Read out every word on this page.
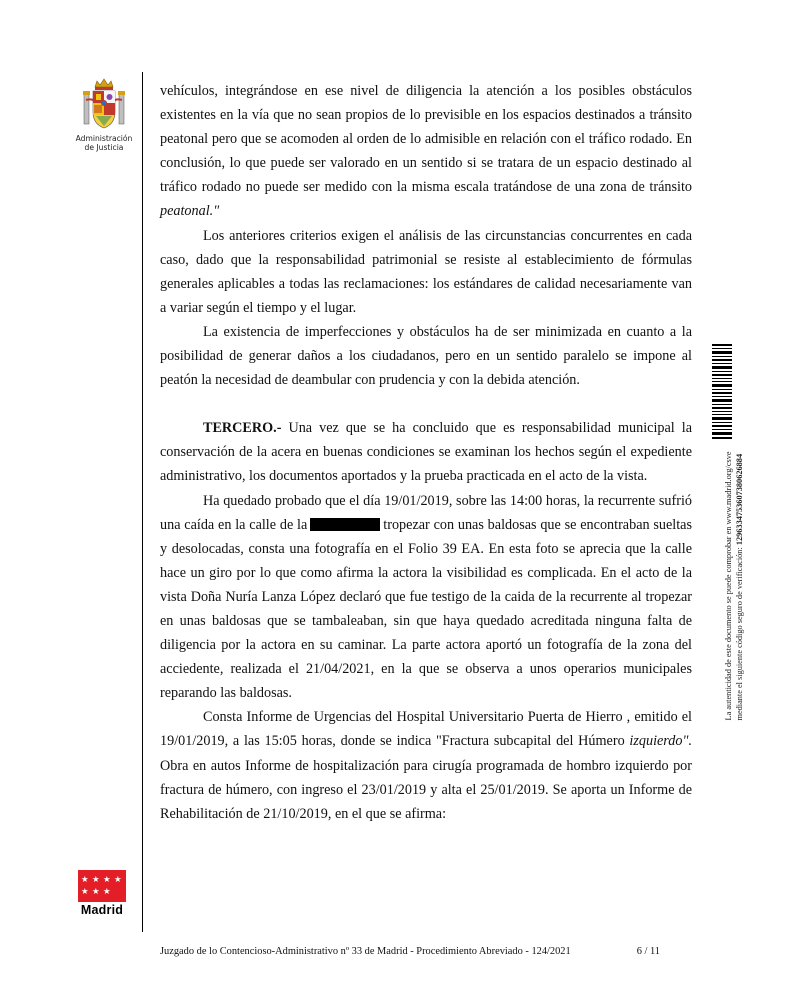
Administración
de Justicia
★ ★ ★ ★
★ ★ ★
Madrid

vehículos, integrándose en ese nivel de diligencia la atención a los posibles obstáculos existentes en la vía que no sean propios de lo previsible en los espacios destinados a tránsito peatonal pero que se acomoden al orden de lo admisible en relación con el tráfico rodado. En conclusión, lo que puede ser valorado en un sentido si se tratara de un espacio destinado al tráfico rodado no puede ser medido con la misma escala tratándose de una zona de tránsito peatonal."

Los anteriores criterios exigen el análisis de las circunstancias concurrentes en cada caso, dado que la responsabilidad patrimonial se resiste al establecimiento de fórmulas generales aplicables a todas las reclamaciones: los estándares de calidad necesariamente van a variar según el tiempo y el lugar.

La existencia de imperfecciones y obstáculos ha de ser minimizada en cuanto a la posibilidad de generar daños a los ciudadanos, pero en un sentido paralelo se impone al peatón la necesidad de deambular con prudencia y con la debida atención.

TERCERO.- Una vez que se ha concluido que es responsabilidad municipal la conservación de la acera en buenas condiciones se examinan los hechos según el expediente administrativo, los documentos aportados y la prueba practicada en el acto de la vista.

Ha quedado probado que el día 19/01/2019, sobre las 14:00 horas, la recurrente sufrió una caída en la calle de la	tropezar con unas baldosas que se encontraban sueltas y desolocadas, consta una fotografía en el Folio 39 EA. En esta foto se aprecia que la calle hace un giro por lo que como afirma la actora la visibilidad es complicada. En el acto de la vista Doña Nuría Lanza López declaró que fue testigo de la caida de la recurrente al tropezar en unas baldosas que se tambaleaban, sin que haya quedado acreditada ninguna falta de diligencia por la actora en su caminar. La parte actora aportó un fotografía de la zona del acciedente, realizada el 21/04/2021, en la que se observa a unos operarios municipales reparando las baldosas.

Consta Informe de Urgencias del Hospital Universitario Puerta de Hierro , emitido el 19/01/2019, a las 15:05 horas, donde se indica "Fractura subcapital del Húmero izquierdo". Obra en autos Informe de hospitalización para cirugía programada de hombro izquierdo por fractura de húmero, con ingreso el 23/01/2019 y alta el 25/01/2019. Se aporta un Informe de Rehabilitación de 21/10/2019, en el que se afirma:

La autenticidad de este documento se puede comprobar en www.madrid.org/csve mediante el siguiente código seguro de verificación: 1296334753607380626884
Juzgado de lo Contencioso-Administrativo nº 33 de Madrid - Procedimiento Abreviado - 124/2021	6 / 11
